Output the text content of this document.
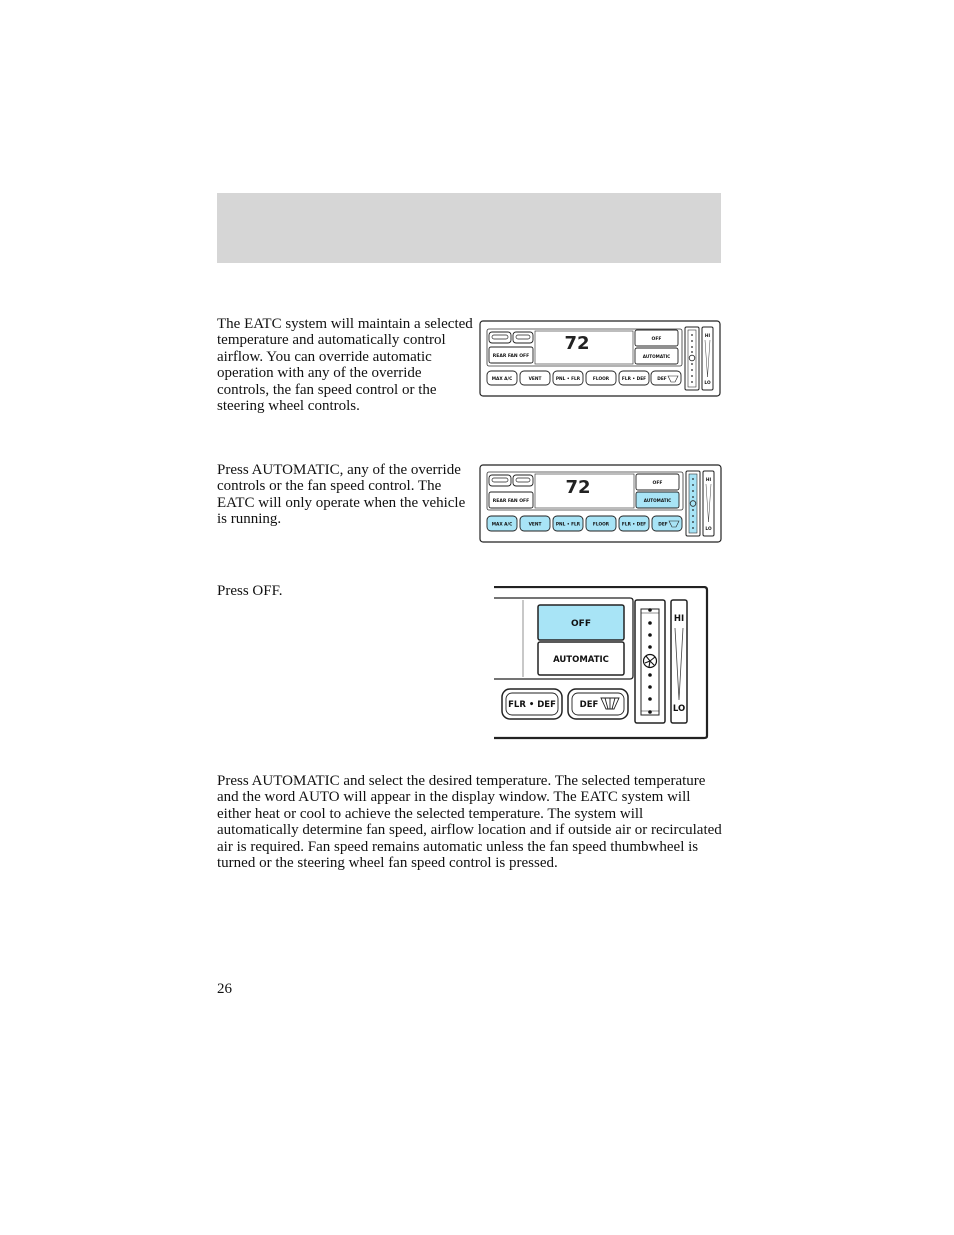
The EATC system will maintain a selected temperature and automatically control airflow. You can override automatic operation with any of the override controls, the fan speed control or the steering wheel controls.

Press AUTOMATIC, any of the override controls or the fan speed control. The EATC will only operate when the vehicle is running.

Press OFF.

Press AUTOMATIC and select the desired temperature. The selected temperature and the word AUTO will appear in the display window. The EATC system will either heat or cool to achieve the selected temperature. The system will automatically determine fan speed, airflow location and if outside air or recirculated air is required. Fan speed remains automatic unless the fan speed thumbwheel is turned or the steering wheel fan speed control is pressed.

26
REAR FAN OFF
72	OFF
AUTOMATIC
MAX A/C	VENT	PNL • FLR	FLOOR	FLR • DEF	DEF
HI
LO
REAR FAN OFF
72	OFF
AUTOMATIC
MAX A/C	VENT	PNL • FLR	FLOOR	FLR • DEF	DEF
HI
LO
OFF
AUTOMATIC
FLR • DEF	DEF
HI
LO
